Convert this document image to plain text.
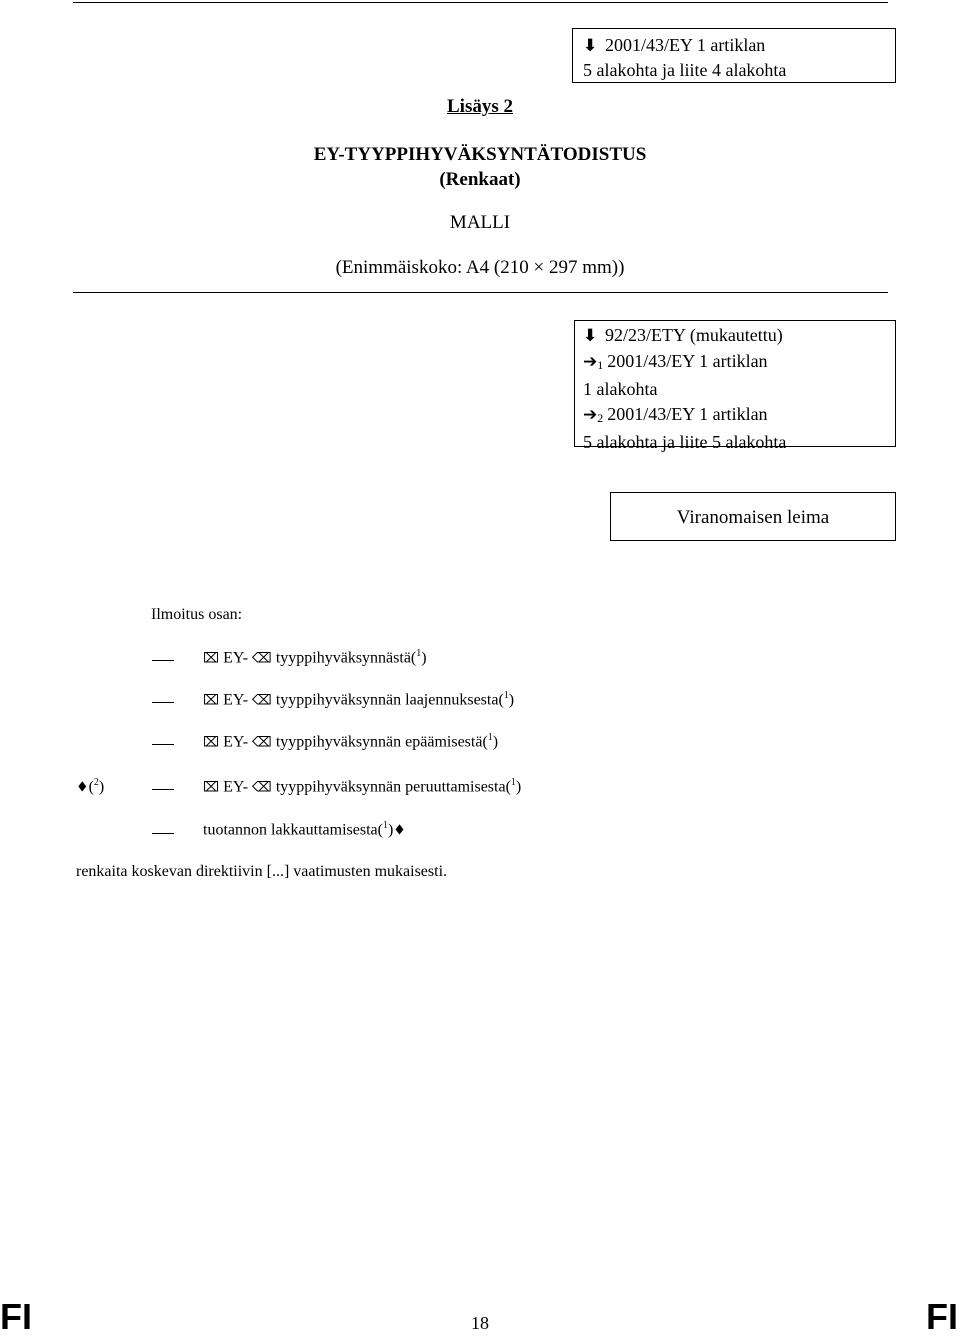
⬇ 2001/43/EY 1 artiklan
5 alakohta ja liite 4 alakohta
Lisäys 2
EY-TYYPPIHYVÄKSYNTÄTODISTUS
(Renkaat)
MALLI
(Enimmäiskoko: A4 (210 × 297 mm))
⬇ 92/23/ETY (mukautettu)
➔1 2001/43/EY 1 artiklan
1 alakohta
➔2 2001/43/EY 1 artiklan
5 alakohta ja liite 5 alakohta
Viranomaisen leima
Ilmoitus osan:
⌧ EY- ⌫ tyyppihyväksynnästä($^1$)
⌧ EY- ⌫ tyyppihyväksynnän laajennuksesta($^1$)
⌧ EY- ⌫ tyyppihyväksynnän epäämisestä($^1$)
♦($^2$)	⌧ EY- ⌫ tyyppihyväksynnän peruuttamisesta($^1$)
tuotannon lakkauttamisesta($^1$)♦
renkaita koskevan direktiivin [...] vaatimusten mukaisesti.
FI	18	FI
